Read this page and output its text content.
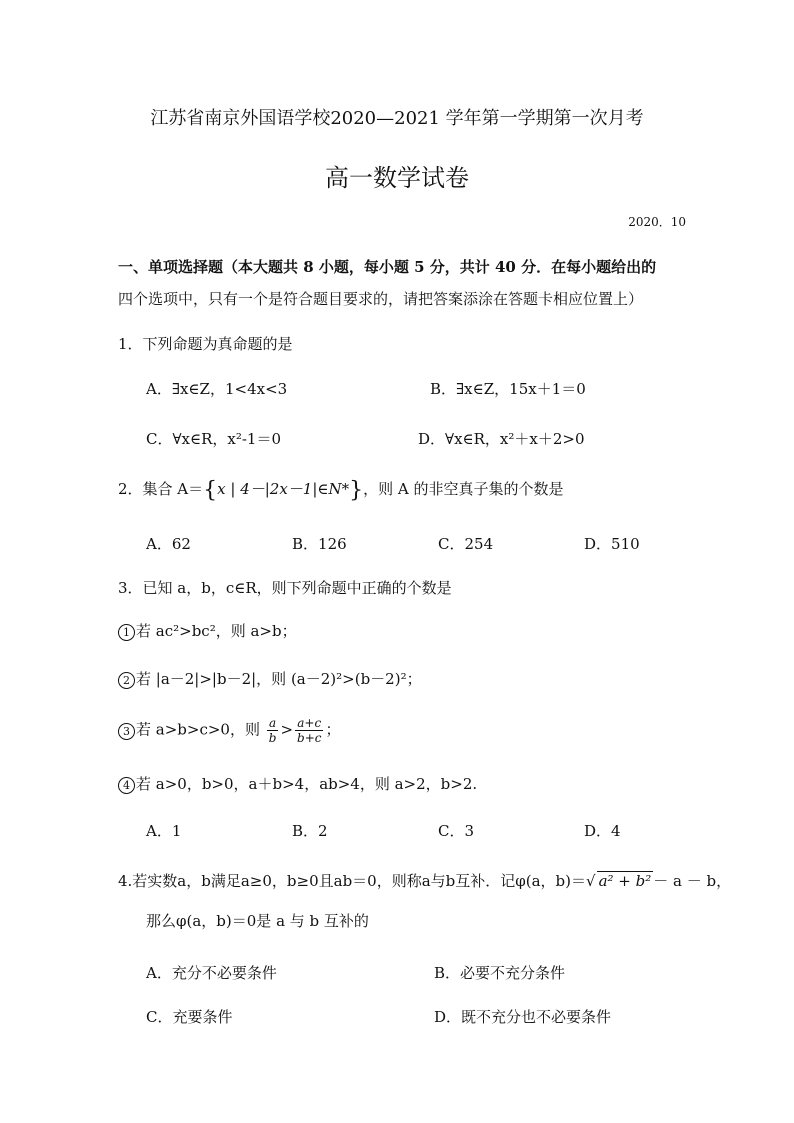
江苏省南京外国语学校2020—2021 学年第一学期第一次月考
高一数学试卷
2020．10
一、单项选择题（本大题共 8 小题，每小题 5 分，共计 40 分．在每小题给出的
四个选项中，只有一个是符合题目要求的，请把答案添涂在答题卡相应位置上）
1．下列命题为真命题的是
A．∃x∈Z，1<4x<3	B．∃x∈Z，15x＋1＝0
C．∀x∈R，x²-1＝0	D．∀x∈R，x²＋x＋2>0
2．集合 A＝{x | 4－|2x－1|∈N*}，则 A 的非空真子集的个数是
A．62	B．126	C．254	D．510
3．已知 a，b，c∈R，则下列命题中正确的个数是
1 若 ac²>bc²，则 a>b；
2 若 |a－2|>|b－2|，则 (a－2)²>(b－2)²；
3 若 a>b>c>0，则 $\frac{a}{b} > \frac{a+c}{b+c}$ ；
4 若 a>0，b>0，a＋b>4，ab>4，则 a>2，b>2.
A．1	B．2	C．3	D．4
4.若实数a，b满足a≥0，b≥0且ab＝0，则称a与b互补．记φ(a，b)＝√ a² + b² － a － b，
那么φ(a，b)＝0是 a 与 b 互补的
A．充分不必要条件	B．必要不充分条件
C．充要条件	D．既不充分也不必要条件
